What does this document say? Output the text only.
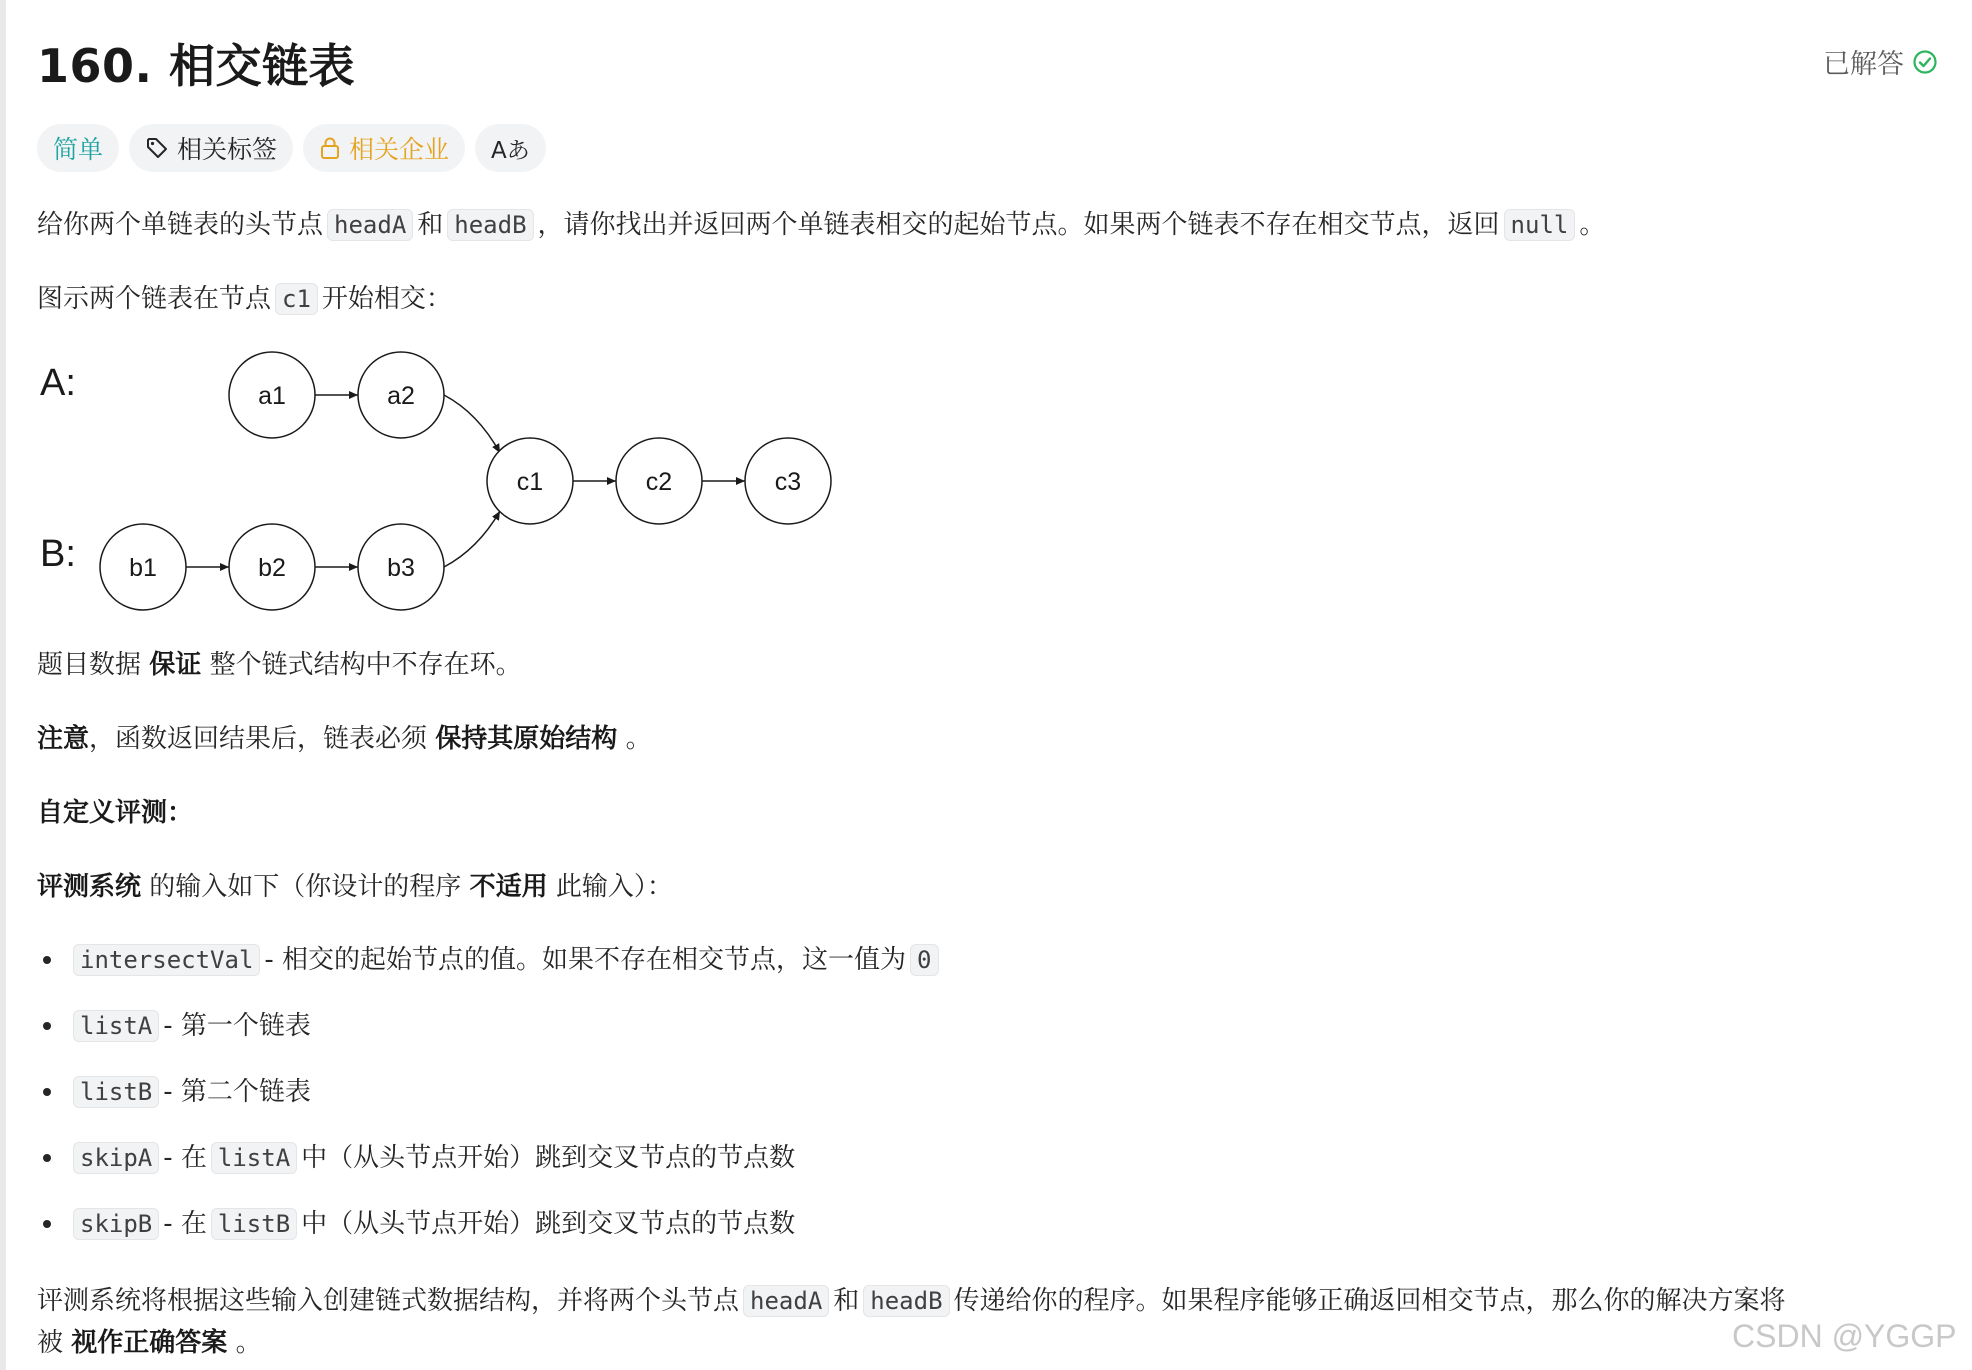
160. 相交链表	已解答
简单	相关标签	相关企业 Aあ
给你两个单链表的头节点 headA 和 headB ，请你找出并返回两个单链表相交的起始节点。如果两个链表不存在相交节点，返回 null 。
图示两个链表在节点 c1 开始相交：
A:
B:
a1	a2
b1	b2	b3
c1	c2	c3
题目数据 保证 整个链式结构中不存在环。
注意，函数返回结果后，链表必须 保持其原始结构 。
自定义评测：
评测系统 的输入如下（你设计的程序 不适用 此输入）：
intersectVal - 相交的起始节点的值。如果不存在相交节点，这一值为 0
listA - 第一个链表
listB - 第二个链表
skipA - 在 listA 中（从头节点开始）跳到交叉节点的节点数
skipB - 在 listB 中（从头节点开始）跳到交叉节点的节点数
评测系统将根据这些输入创建链式数据结构，并将两个头节点 headA 和 headB 传递给你的程序。如果程序能够正确返回相交节点，那么你的解决方案将
被 视作正确答案 。	CSDN @YGGP
